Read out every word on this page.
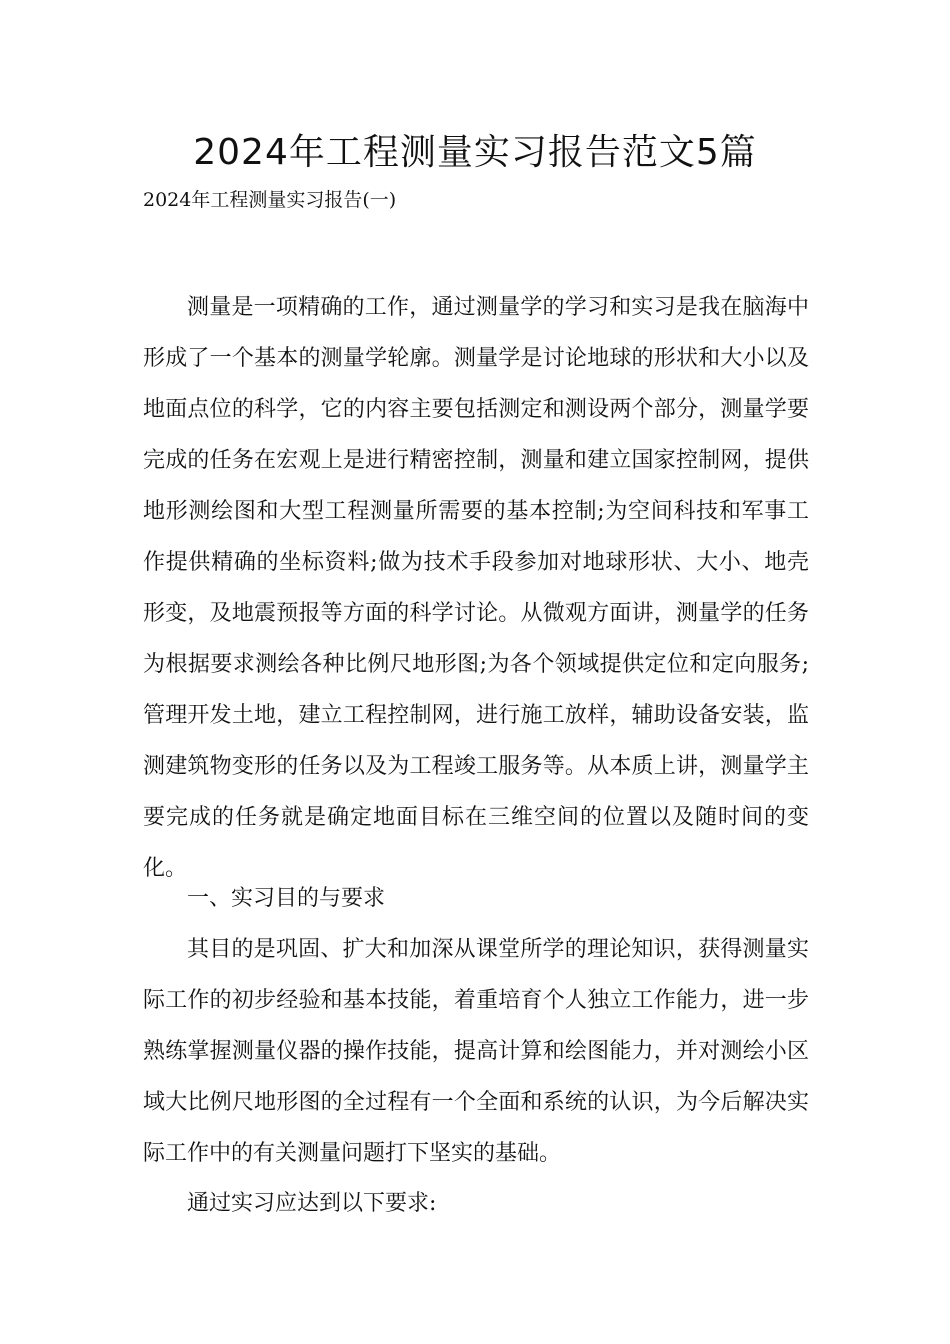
2024年工程测量实习报告范文5篇

2024年工程测量实习报告(一)

测量是一项精确的工作，通过测量学的学习和实习是我在脑海中形成了一个基本的测量学轮廓。测量学是讨论地球的形状和大小以及地面点位的科学，它的内容主要包括测定和测设两个部分，测量学要完成的任务在宏观上是进行精密控制，测量和建立国家控制网，提供地形测绘图和大型工程测量所需要的基本控制;为空间科技和军事工作提供精确的坐标资料;做为技术手段参加对地球形状、大小、地壳形变，及地震预报等方面的科学讨论。从微观方面讲，测量学的任务为根据要求测绘各种比例尺地形图;为各个领域提供定位和定向服务;管理开发土地，建立工程控制网，进行施工放样，辅助设备安装，监测建筑物变形的任务以及为工程竣工服务等。从本质上讲，测量学主要完成的任务就是确定地面目标在三维空间的位置以及随时间的变化。

一、实习目的与要求

其目的是巩固、扩大和加深从课堂所学的理论知识，获得测量实际工作的初步经验和基本技能，着重培育个人独立工作能力，进一步熟练掌握测量仪器的操作技能，提高计算和绘图能力，并对测绘小区域大比例尺地形图的全过程有一个全面和系统的认识，为今后解决实际工作中的有关测量问题打下坚实的基础。

通过实习应达到以下要求:
